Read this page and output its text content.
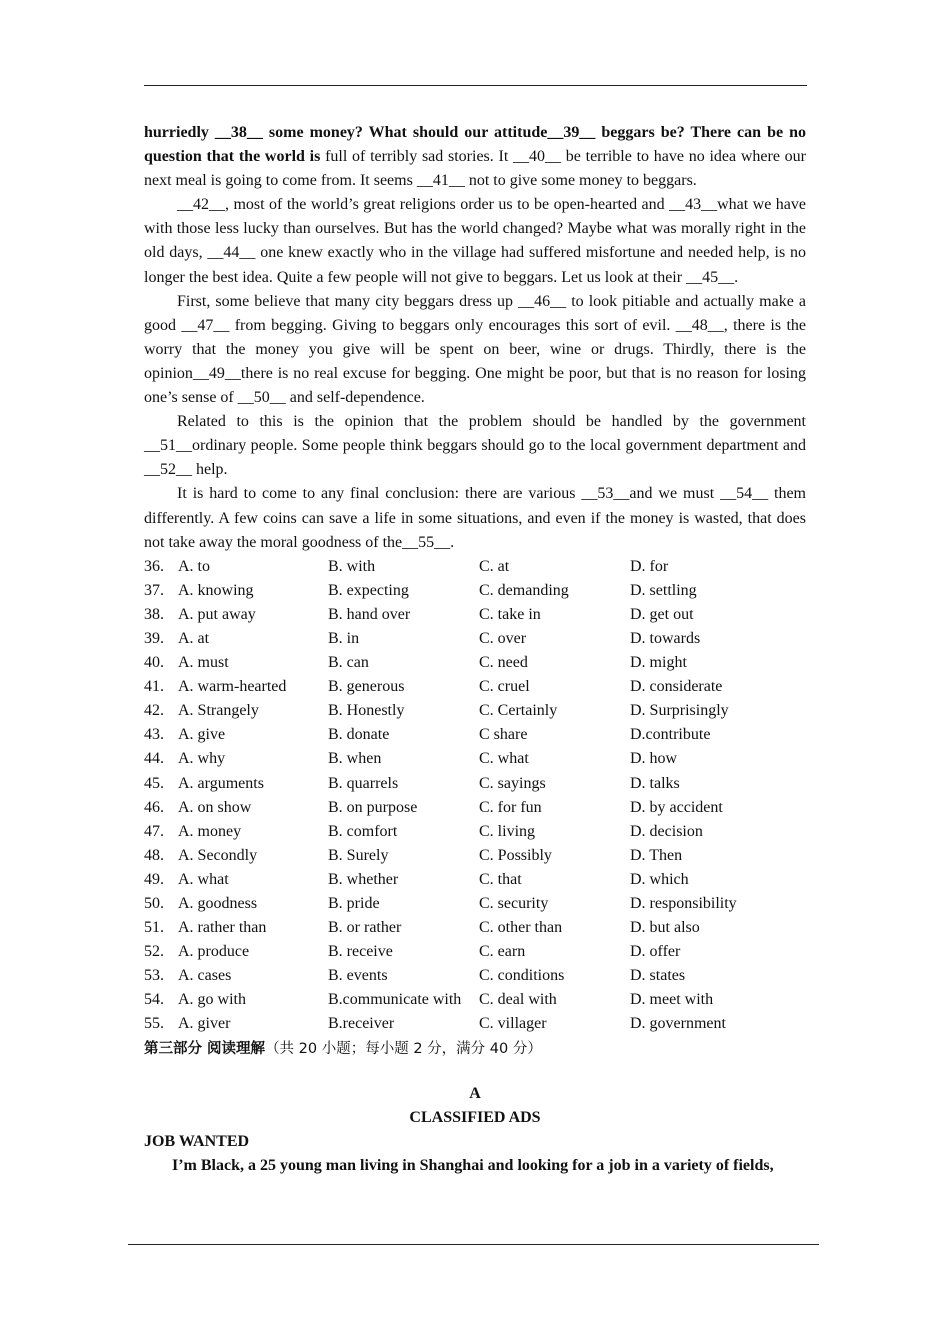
hurriedly __38__ some money? What should our attitude__39__ beggars be? There can be no question that the world is full of terribly sad stories. It __40__ be terrible to have no idea where our next meal is going to come from. It seems __41__ not to give some money to beggars.

__42__, most of the world’s great religions order us to be open-hearted and __43__what we have with those less lucky than ourselves. But has the world changed? Maybe what was morally right in the old days, __44__ one knew exactly who in the village had suffered misfortune and needed help, is no longer the best idea. Quite a few people will not give to beggars. Let us look at their __45__.

First, some believe that many city beggars dress up __46__ to look pitiable and actually make a good __47__ from begging. Giving to beggars only encourages this sort of evil. __48__, there is the worry that the money you give will be spent on beer, wine or drugs. Thirdly, there is the opinion__49__there is no real excuse for begging. One might be poor, but that is no reason for losing one’s sense of __50__ and self-dependence.

Related to this is the opinion that the problem should be handled by the government __51__ordinary people. Some people think beggars should go to the local government department and __52__ help.

It is hard to come to any final conclusion: there are various __53__and we must __54__ them differently. A few coins can save a life in some situations, and even if the money is wasted, that does not take away the moral goodness of the__55__.

36. A. to	B. with	C. at	D. for
37. A. knowing	B. expecting	C. demanding	D. settling
38. A. put away	B. hand over	C. take in	D. get out
39. A. at	B. in	C. over	D. towards
40. A. must	B. can	C. need	D. might
41. A. warm-hearted	B. generous	C. cruel	D. considerate
42. A. Strangely	B. Honestly	C. Certainly	D. Surprisingly
43. A. give	B. donate	C share	D.contribute
44. A. why	B. when	C. what	D. how
45. A. arguments	B. quarrels	C. sayings	D. talks
46. A. on show	B. on purpose	C. for fun	D. by accident
47. A. money	B. comfort	C. living	D. decision
48. A. Secondly	B. Surely	C. Possibly	D. Then
49. A. what	B. whether	C. that	D. which
50. A. goodness	B. pride	C. security	D. responsibility
51. A. rather than	B. or rather	C. other than	D. but also
52. A. produce	B. receive	C. earn	D. offer
53. A. cases	B. events	C. conditions	D. states
54. A. go with	B.communicate with	C. deal with	D. meet with
55. A. giver	B.receiver	C. villager	D. government
第三部分 阅读理解（共 20 小题；每小题 2 分，满分 40 分）
A
CLASSIFIED ADS
JOB WANTED
I’m Black, a 25 young man living in Shanghai and looking for a job in a variety of fields,
